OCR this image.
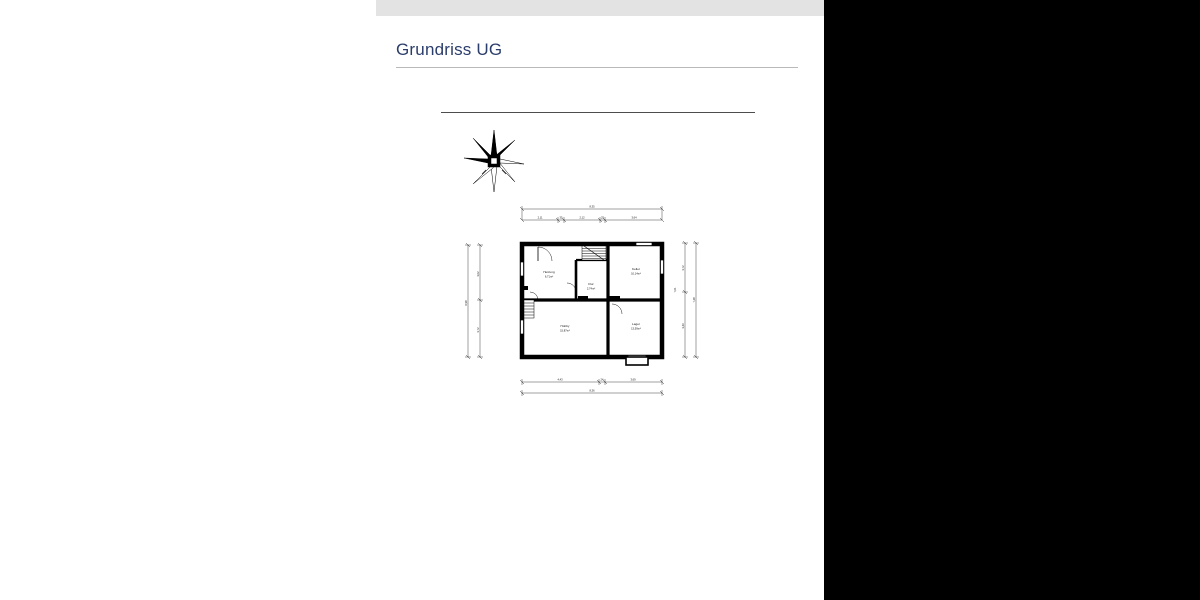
Grundriss UG
8,35
2,11	35	2,12	25	3,64
6,98
3,02
3,72
3,72
3,43
7,28
7,01
Heizung
6,71m²
Flur
2,74m²
Keller
10,14m²
Hobby
15,87m²
Lager
13,59m²
4,43	24	3,69
8,36
